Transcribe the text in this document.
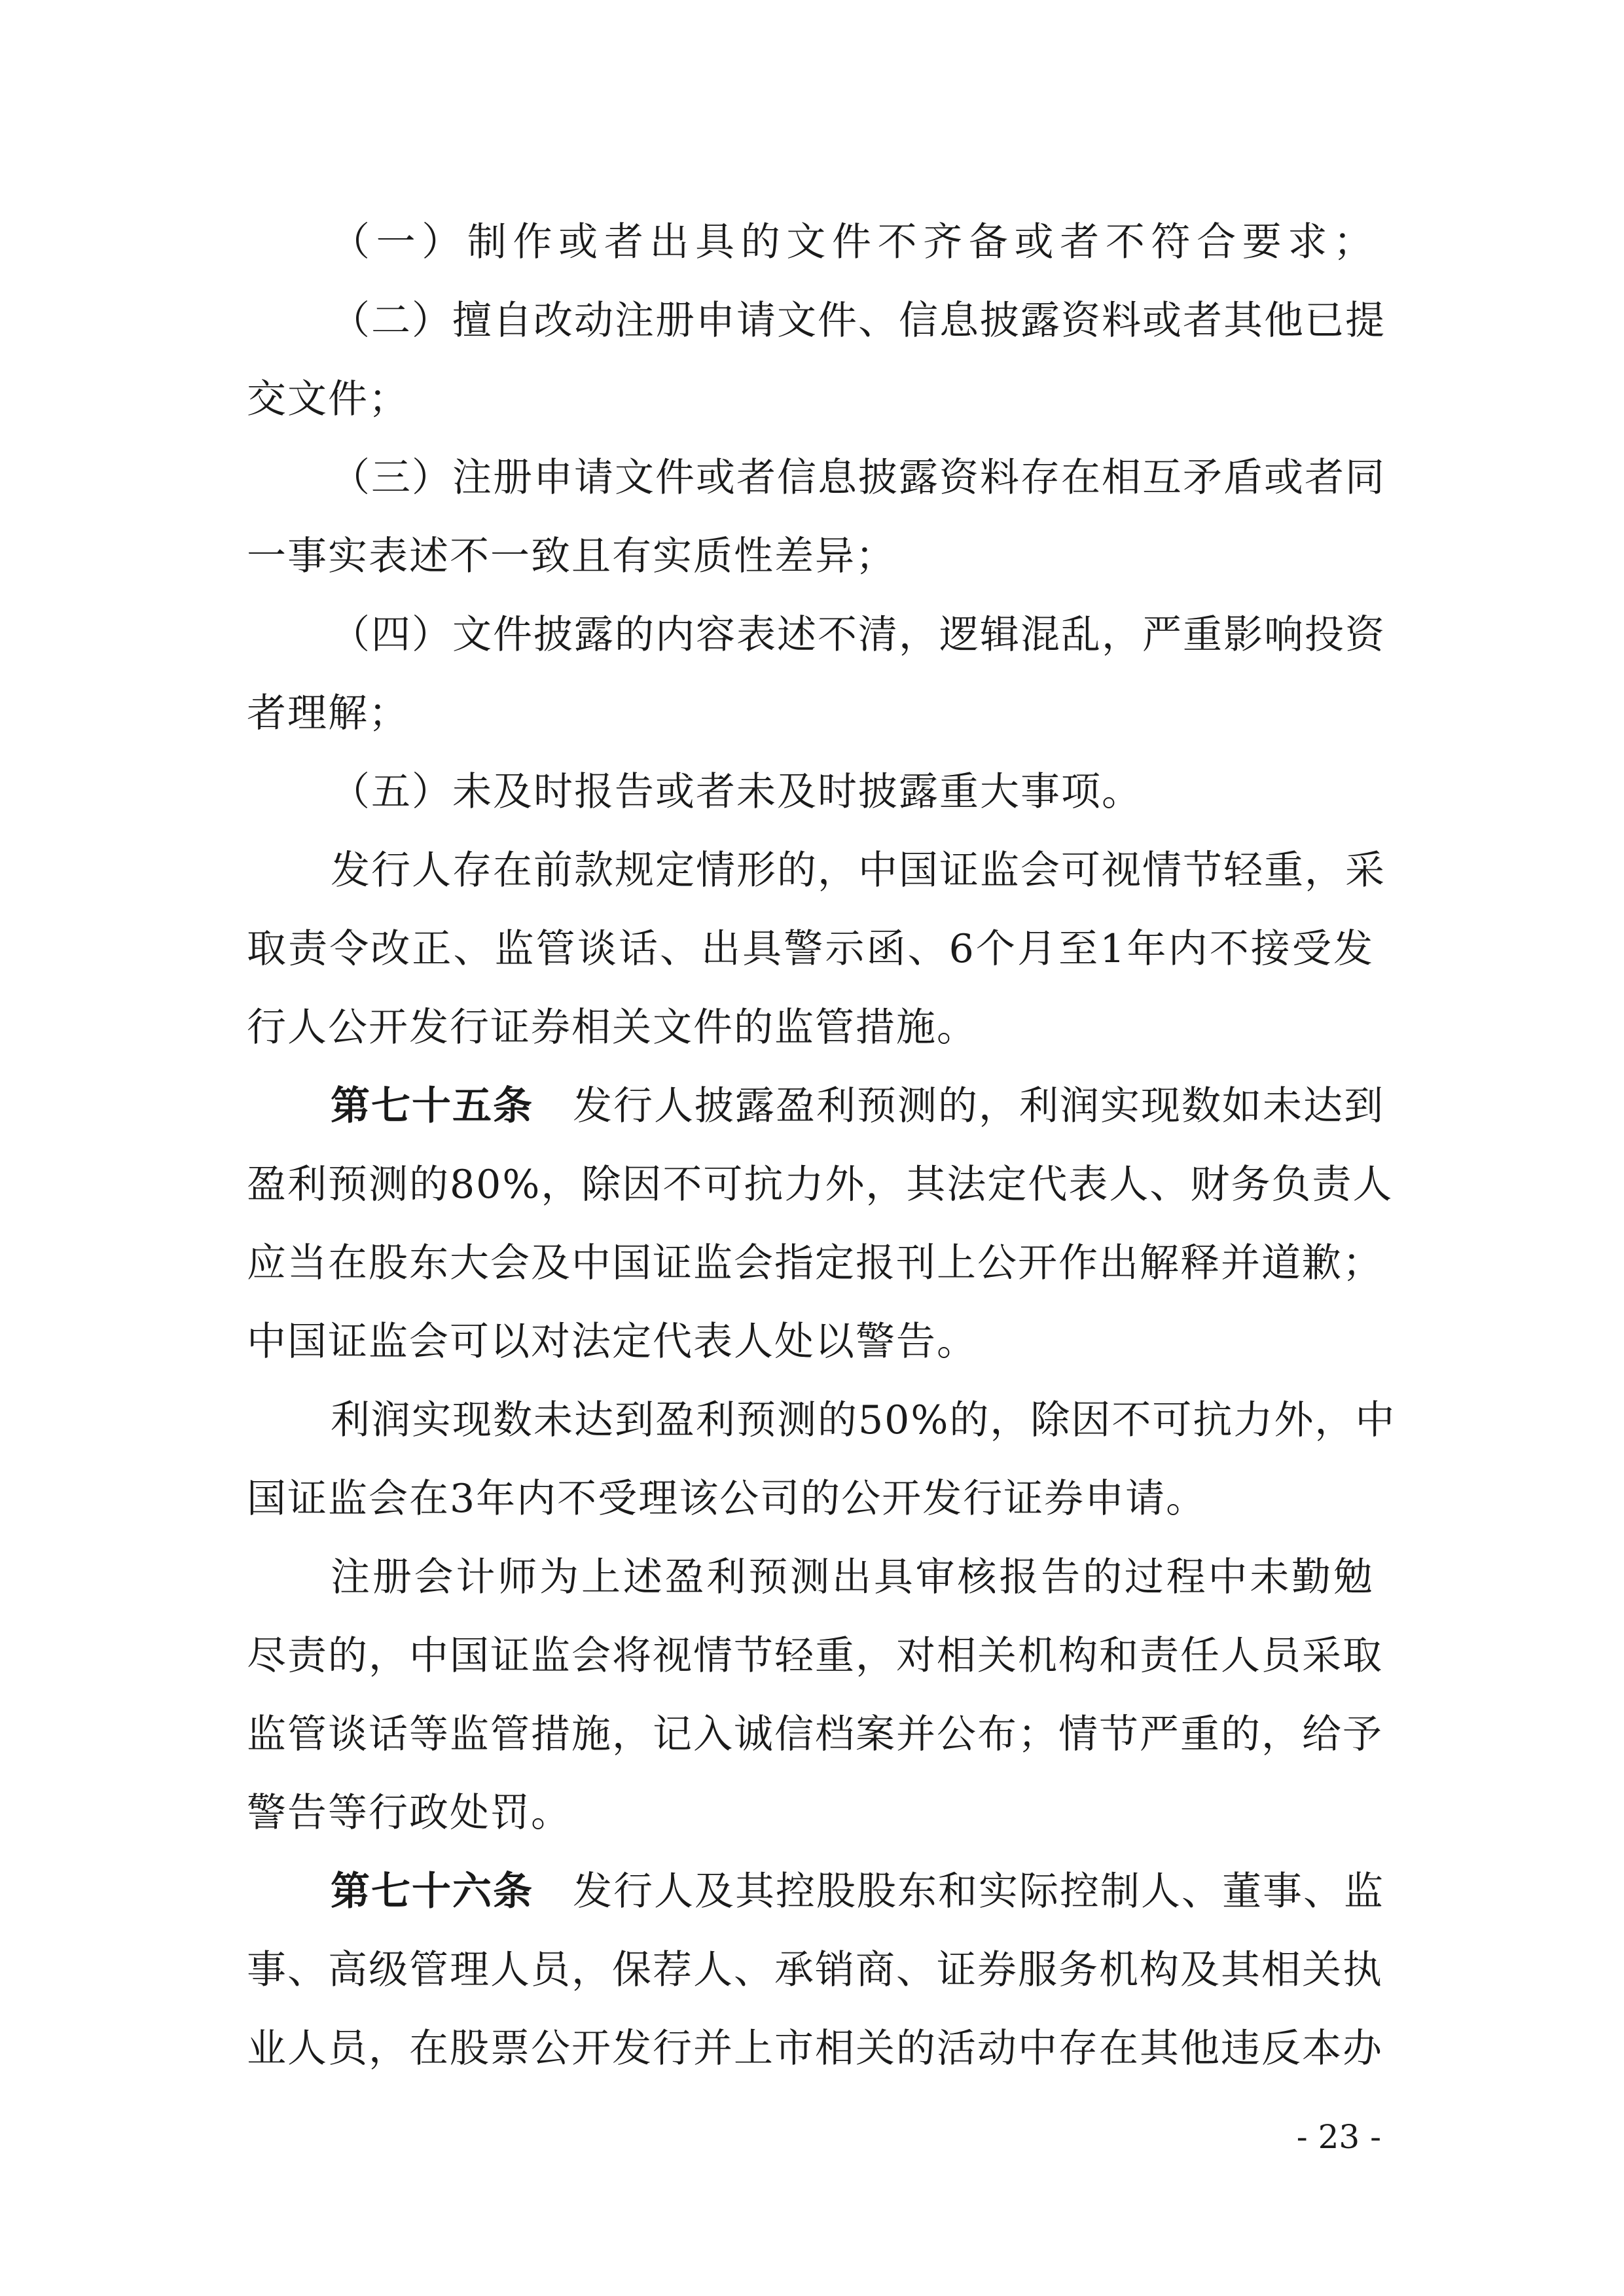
（一）制作或者出具的文件不齐备或者不符合要求；
（二）擅自改动注册申请文件、信息披露资料或者其他已提
交文件；
（三）注册申请文件或者信息披露资料存在相互矛盾或者同
一事实表述不一致且有实质性差异；
（四）文件披露的内容表述不清，逻辑混乱，严重影响投资
者理解；
（五）未及时报告或者未及时披露重大事项。
发行人存在前款规定情形的，中国证监会可视情节轻重，采
取责令改正、监管谈话、出具警示函、6个月至1年内不接受发
行人公开发行证券相关文件的监管措施。
第七十五条 发行人披露盈利预测的，利润实现数如未达到
盈利预测的80%，除因不可抗力外，其法定代表人、财务负责人
应当在股东大会及中国证监会指定报刊上公开作出解释并道歉；
中国证监会可以对法定代表人处以警告。
利润实现数未达到盈利预测的50%的，除因不可抗力外，中
国证监会在3年内不受理该公司的公开发行证券申请。
注册会计师为上述盈利预测出具审核报告的过程中未勤勉
尽责的，中国证监会将视情节轻重，对相关机构和责任人员采取
监管谈话等监管措施，记入诚信档案并公布；情节严重的，给予
警告等行政处罚。
第七十六条 发行人及其控股股东和实际控制人、董事、监
事、高级管理人员，保荐人、承销商、证券服务机构及其相关执
业人员，在股票公开发行并上市相关的活动中存在其他违反本办
- 23 -
